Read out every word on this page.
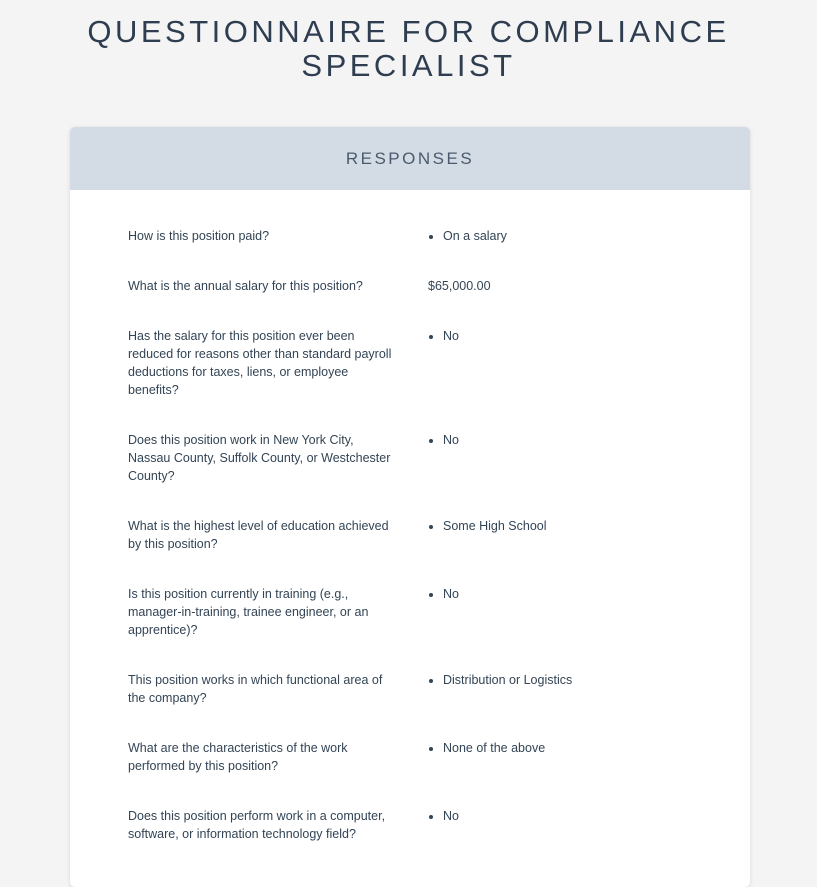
QUESTIONNAIRE FOR COMPLIANCE
SPECIALIST
RESPONSES
How is this position paid?
•	On a salary
What is the annual salary for this position?	$65,000.00
Has the salary for this position ever been reduced for reasons other than standard payroll deductions for taxes, liens, or employee benefits?
• No
Does this position work in New York City, Nassau County, Suffolk County, or Westchester County?
• No
What is the highest level of education achieved by this position?
• Some High School
Is this position currently in training (e.g., manager-in-training, trainee engineer, or an apprentice)?
• No
This position works in which functional area of the company?
• Distribution or Logistics
What are the characteristics of the work performed by this position?
• None of the above
Does this position perform work in a computer, software, or information technology field?
• No
